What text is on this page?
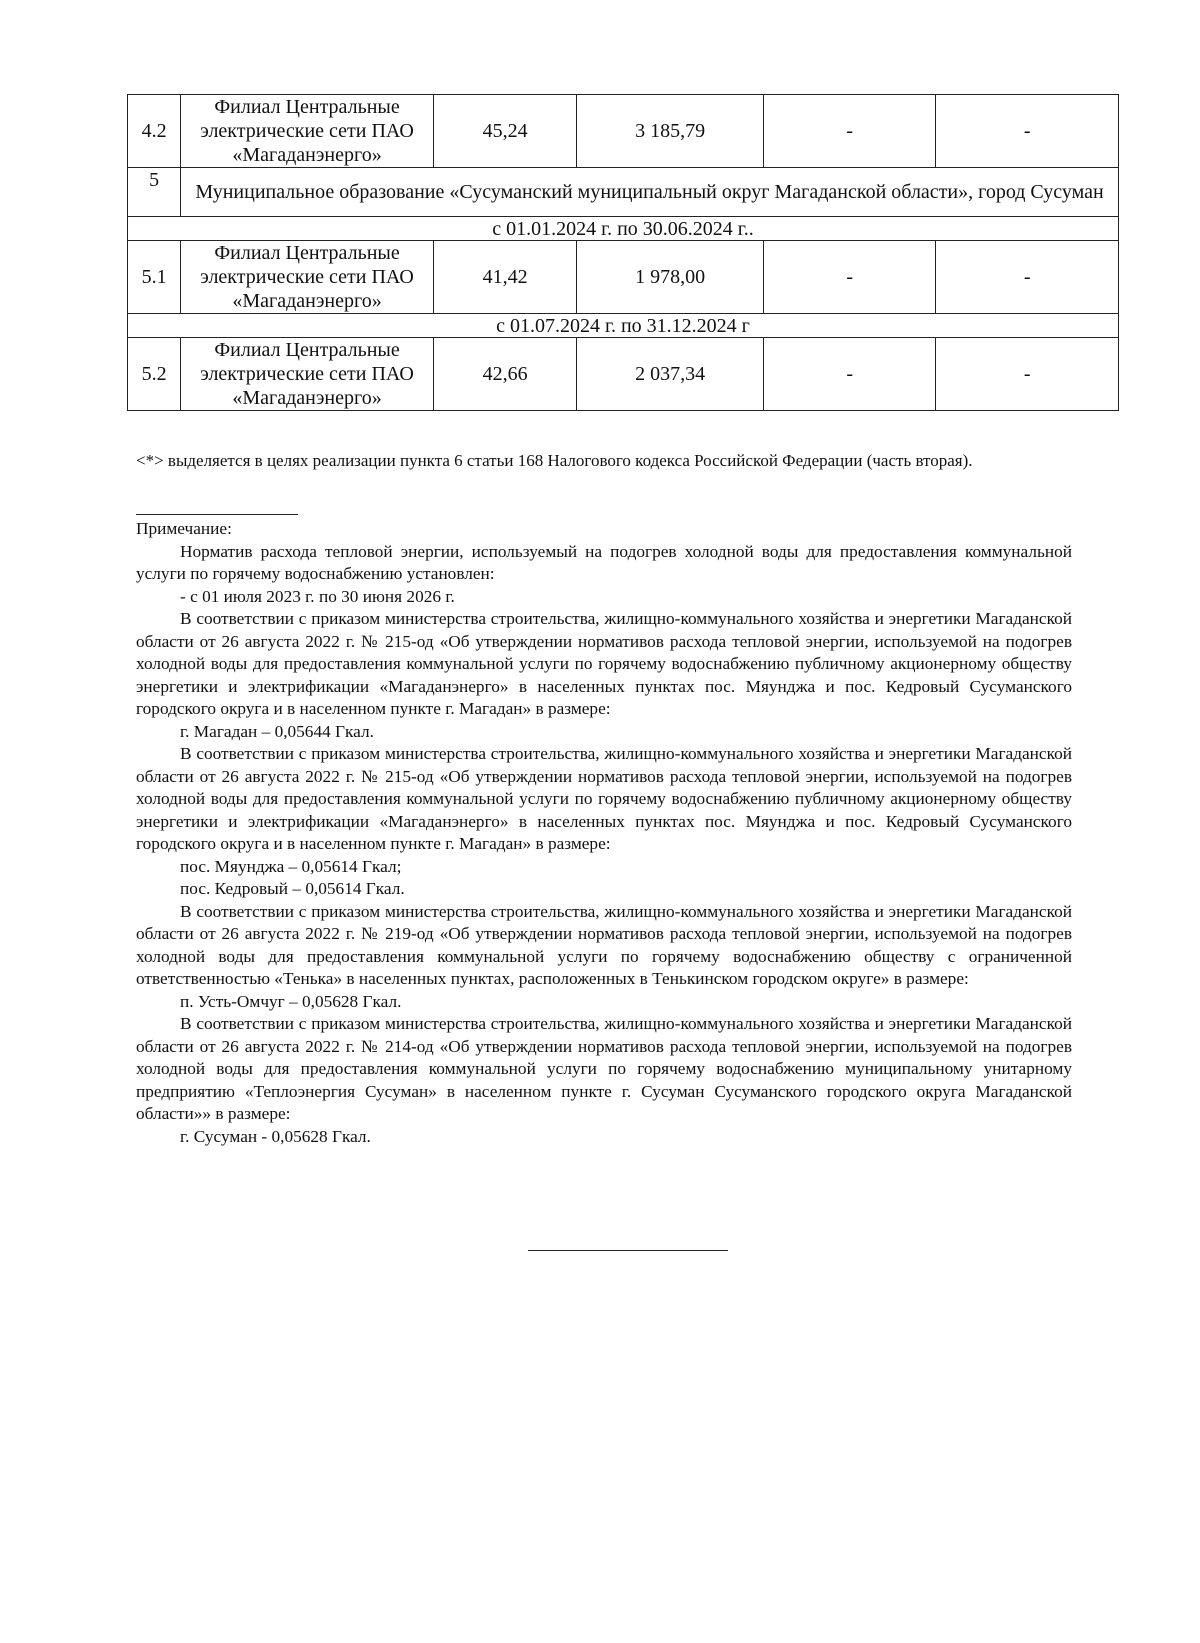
4.2	Филиал Центральные электрические сети ПАО «Магаданэнерго»	45,24	3 185,79	-	-
5	Муниципальное образование «Сусуманский муниципальный округ Магаданской области», город Сусуман				
с 01.01.2024 г. по 30.06.2024 г..					
5.1	Филиал Центральные электрические сети ПАО «Магаданэнерго»	41,42	1 978,00	-	-
с 01.07.2024 г. по 31.12.2024 г					
5.2	Филиал Центральные электрические сети ПАО «Магаданэнерго»	42,66	2 037,34	-	-
<*> выделяется в целях реализации пункта 6 статьи 168 Налогового кодекса Российской Федерации (часть вторая).

Примечание:

Норматив расхода тепловой энергии, используемый на подогрев холодной воды для предоставления коммунальной услуги по горячему водоснабжению установлен:

- с 01 июля 2023 г. по 30 июня 2026 г.

В соответствии с приказом министерства строительства, жилищно-коммунального хозяйства и энергетики Магаданской области от 26 августа 2022 г. № 215-од «Об утверждении нормативов расхода тепловой энергии, используемой на подогрев холодной воды для предоставления коммунальной услуги по горячему водоснабжению публичному акционерному обществу энергетики и электрификации «Магаданэнерго» в населенных пунктах пос. Мяунджа и пос. Кедровый Сусуманского городского округа и в населенном пункте г. Магадан» в размере:

г. Магадан – 0,05644 Гкал.

В соответствии с приказом министерства строительства, жилищно-коммунального хозяйства и энергетики Магаданской области от 26 августа 2022 г. № 215-од «Об утверждении нормативов расхода тепловой энергии, используемой на подогрев холодной воды для предоставления коммунальной услуги по горячему водоснабжению публичному акционерному обществу энергетики и электрификации «Магаданэнерго» в населенных пунктах пос. Мяунджа и пос. Кедровый Сусуманского городского округа и в населенном пункте г. Магадан» в размере:

пос. Мяунджа – 0,05614 Гкал;

пос. Кедровый – 0,05614 Гкал.

В соответствии с приказом министерства строительства, жилищно-коммунального хозяйства и энергетики Магаданской области от 26 августа 2022 г. № 219-од «Об утверждении нормативов расхода тепловой энергии, используемой на подогрев холодной воды для предоставления коммунальной услуги по горячему водоснабжению обществу с ограниченной ответственностью «Тенька» в населенных пунктах, расположенных в Тенькинском городском округе» в размере:

п. Усть-Омчуг – 0,05628 Гкал.

В соответствии с приказом министерства строительства, жилищно-коммунального хозяйства и энергетики Магаданской области от 26 августа 2022 г. № 214-од «Об утверждении нормативов расхода тепловой энергии, используемой на подогрев холодной воды для предоставления коммунальной услуги по горячему водоснабжению муниципальному унитарному предприятию «Теплоэнергия Сусуман» в населенном пункте г. Сусуман Сусуманского городского округа Магаданской области»» в размере:

г. Сусуман - 0,05628 Гкал.
